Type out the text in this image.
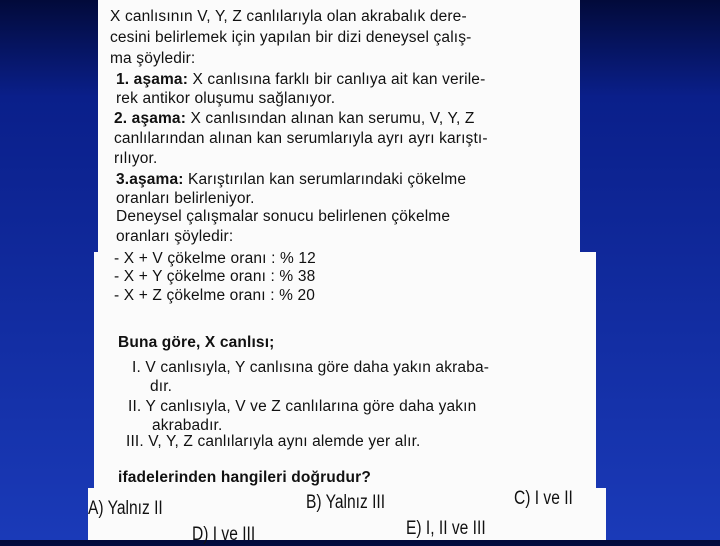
X canlısının V, Y, Z canlılarıyla olan akrabalık dere-
cesini belirlemek için yapılan bir dizi deneysel çalış-
ma şöyledir:
1. aşama: X canlısına farklı bir canlıya ait kan verile-
rek antikor oluşumu sağlanıyor.
2. aşama: X canlısından alınan kan serumu, V, Y, Z
canlılarından alınan kan serumlarıyla ayrı ayrı karıştı-
rılıyor.
3.aşama: Karıştırılan kan serumlarındaki çökelme
oranları belirleniyor.
Deneysel çalışmalar sonucu belirlenen çökelme
oranları şöyledir:
- X + V çökelme oranı : % 12
- X + Y çökelme oranı : % 38
- X + Z çökelme oranı : % 20
Buna göre, X canlısı;
I. V canlısıyla, Y canlısına göre daha yakın akraba-
dır.
II. Y canlısıyla, V ve Z canlılarına göre daha yakın
akrabadır.
III. V, Y, Z canlılarıyla aynı alemde yer alır.
ifadelerinden hangileri doğrudur?
A) Yalnız II	B) Yalnız III	C) I ve II
D) I ve III	E) I, II ve III
